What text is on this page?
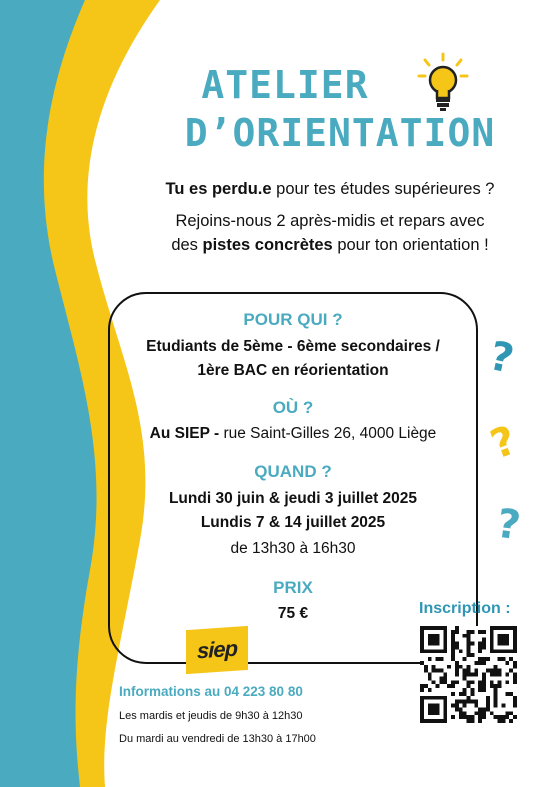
ATELIER
D’ORIENTATION
Tu es perdu.e pour tes études supérieures ?
Rejoins-nous 2 après-midis et repars avec
des pistes concrètes pour ton orientation !
POUR QUI ?
Etudiants de 5ème - 6ème secondaires /
1ère BAC en réorientation
OÙ ?
Au SIEP - rue Saint-Gilles 26, 4000 Liège
QUAND ?
Lundi 30 juin & jeudi 3 juillet 2025
Lundis 7 & 14 juillet 2025
de 13h30 à 16h30
PRIX
75 €
?
?
?
siep
Inscription :
Informations au 04 223 80 80
Les mardis et jeudis de 9h30 à 12h30
Du mardi au vendredi de 13h30 à 17h00
